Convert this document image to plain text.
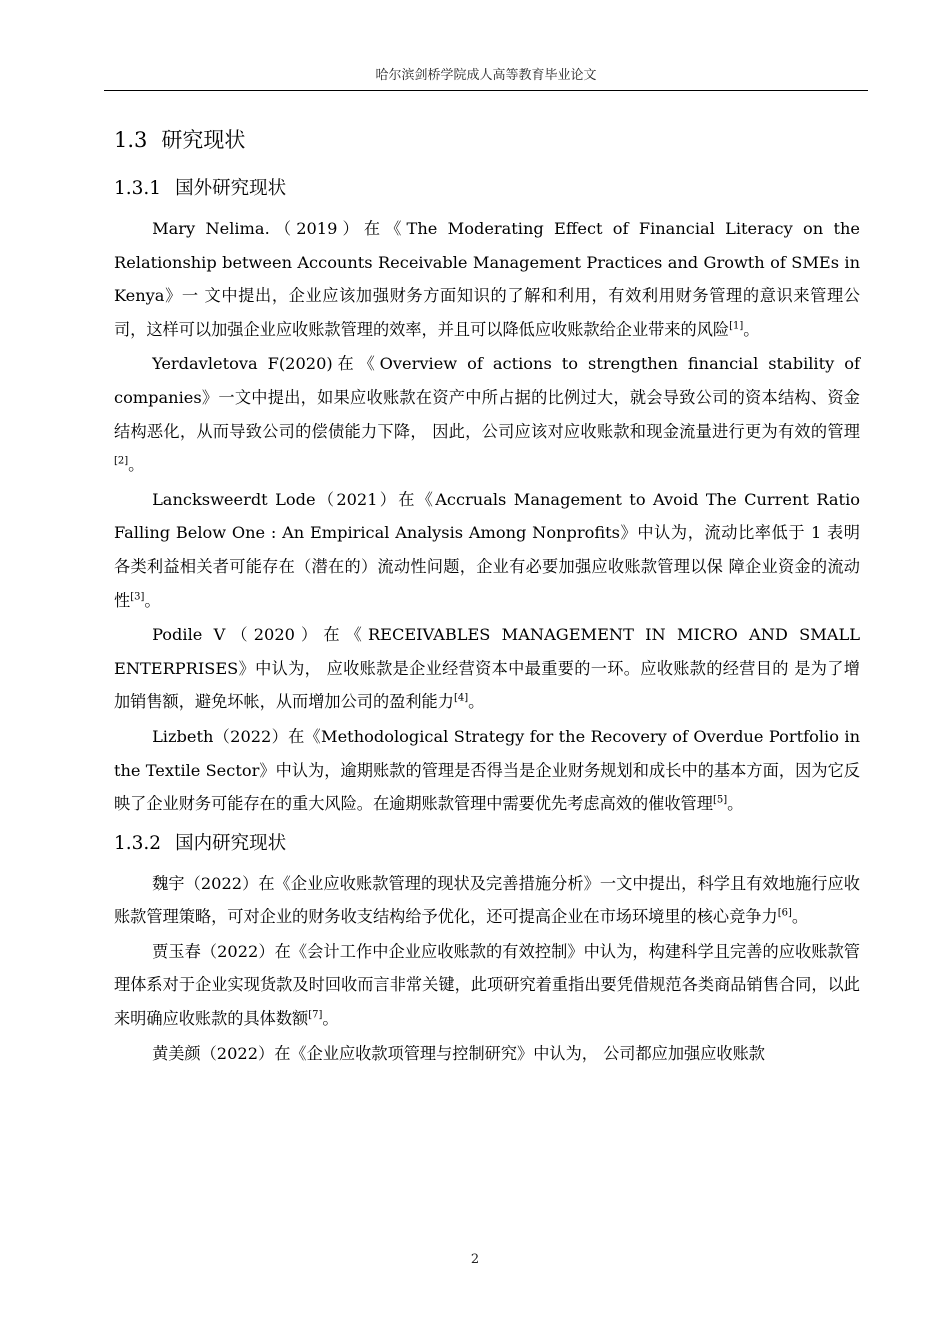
哈尔滨剑桥学院成人高等教育毕业论文
1.3 研究现状
1.3.1 国外研究现状

Mary Nelima.（2019）在《The Moderating Effect of Financial Literacy on the Relationship between Accounts Receivable Management Practices and Growth of SMEs in Kenya》一 文中提出，企业应该加强财务方面知识的了解和利用，有效利用财务管理的意识来管理公 司，这样可以加强企业应收账款管理的效率，并且可以降低应收账款给企业带来的风险[1]。

Yerdavletova F(2020)在《Overview of actions to strengthen financial stability of companies》一文中提出，如果应收账款在资产中所占据的比例过大，就会导致公司的资本结构、资金结构恶化，从而导致公司的偿债能力下降， 因此，公司应该对应收账款和现金流量进行更为有效的管理[2]。

Lancksweerdt Lode（2021）在《Accruals Management to Avoid The Current Ratio Falling Below One : An Empirical Analysis Among Nonprofits》中认为，流动比率低于 1 表明各类利益相关者可能存在（潜在的）流动性问题，企业有必要加强应收账款管理以保 障企业资金的流动性[3]。

Podile V（2020）在《RECEIVABLES MANAGEMENT IN MICRO AND SMALL ENTERPRISES》中认为， 应收账款是企业经营资本中最重要的一环。应收账款的经营目的 是为了增加销售额，避免坏帐，从而增加公司的盈利能力[4]。

Lizbeth（2022）在《Methodological Strategy for the Recovery of Overdue Portfolio in the Textile Sector》中认为，逾期账款的管理是否得当是企业财务规划和成长中的基本方面，因为它反映了企业财务可能存在的重大风险。在逾期账款管理中需要优先考虑高效的催收管理[5]。

1.3.2 国内研究现状

魏宇（2022）在《企业应收账款管理的现状及完善措施分析》一文中提出，科学且有效地施行应收账款管理策略，可对企业的财务收支结构给予优化，还可提高企业在市场环境里的核心竞争力[6]。

贾玉春（2022）在《会计工作中企业应收账款的有效控制》中认为，构建科学且完善的应收账款管理体系对于企业实现货款及时回收而言非常关键，此项研究着重指出要凭借规范各类商品销售合同，以此来明确应收账款的具体数额[7]。

黄美颜（2022）在《企业应收款项管理与控制研究》中认为， 公司都应加强应收账款

2
